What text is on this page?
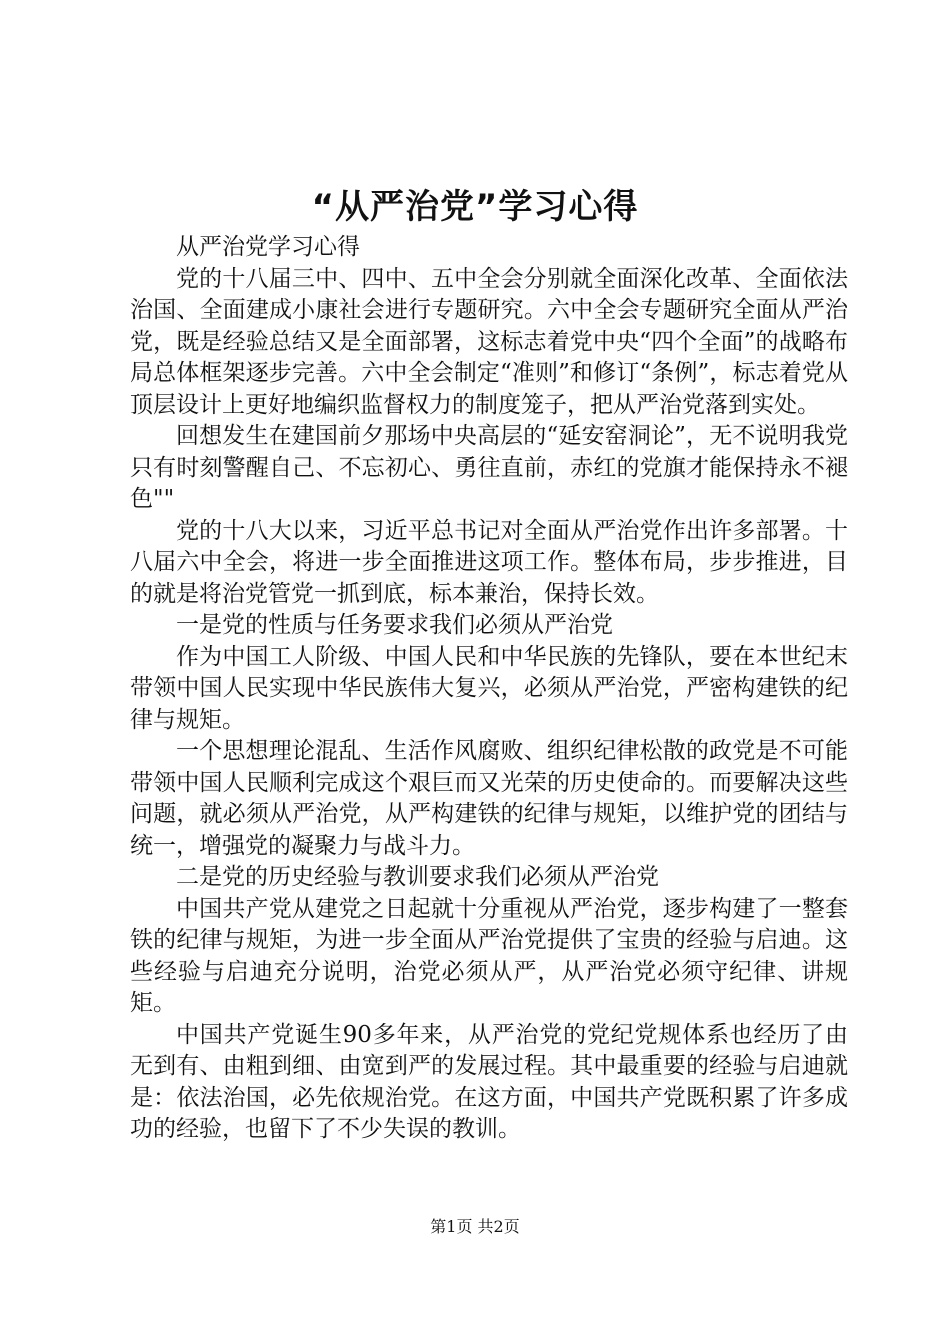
“从严治党”学习心得

从严治党学习心得

党的十八届三中、四中、五中全会分别就全面深化改革、全面依法治国、全面建成小康社会进行专题研究。六中全会专题研究全面从严治党，既是经验总结又是全面部署，这标志着党中央“四个全面”的战略布局总体框架逐步完善。六中全会制定“准则”和修订“条例”，标志着党从顶层设计上更好地编织监督权力的制度笼子，把从严治党落到实处。

回想发生在建国前夕那场中央高层的“延安窑洞论”，无不说明我党只有时刻警醒自己、不忘初心、勇往直前，赤红的党旗才能保持永不褪色""

党的十八大以来，习近平总书记对全面从严治党作出许多部署。十八届六中全会，将进一步全面推进这项工作。整体布局，步步推进，目的就是将治党管党一抓到底，标本兼治，保持长效。

一是党的性质与任务要求我们必须从严治党

作为中国工人阶级、中国人民和中华民族的先锋队，要在本世纪末带领中国人民实现中华民族伟大复兴，必须从严治党，严密构建铁的纪律与规矩。

一个思想理论混乱、生活作风腐败、组织纪律松散的政党是不可能带领中国人民顺利完成这个艰巨而又光荣的历史使命的。而要解决这些问题，就必须从严治党，从严构建铁的纪律与规矩，以维护党的团结与统一，增强党的凝聚力与战斗力。

二是党的历史经验与教训要求我们必须从严治党

中国共产党从建党之日起就十分重视从严治党，逐步构建了一整套铁的纪律与规矩，为进一步全面从严治党提供了宝贵的经验与启迪。这些经验与启迪充分说明，治党必须从严，从严治党必须守纪律、讲规矩。

中国共产党诞生90多年来，从严治党的党纪党规体系也经历了由无到有、由粗到细、由宽到严的发展过程。其中最重要的经验与启迪就是：依法治国，必先依规治党。在这方面，中国共产党既积累了许多成功的经验，也留下了不少失误的教训。

第1页 共2页
